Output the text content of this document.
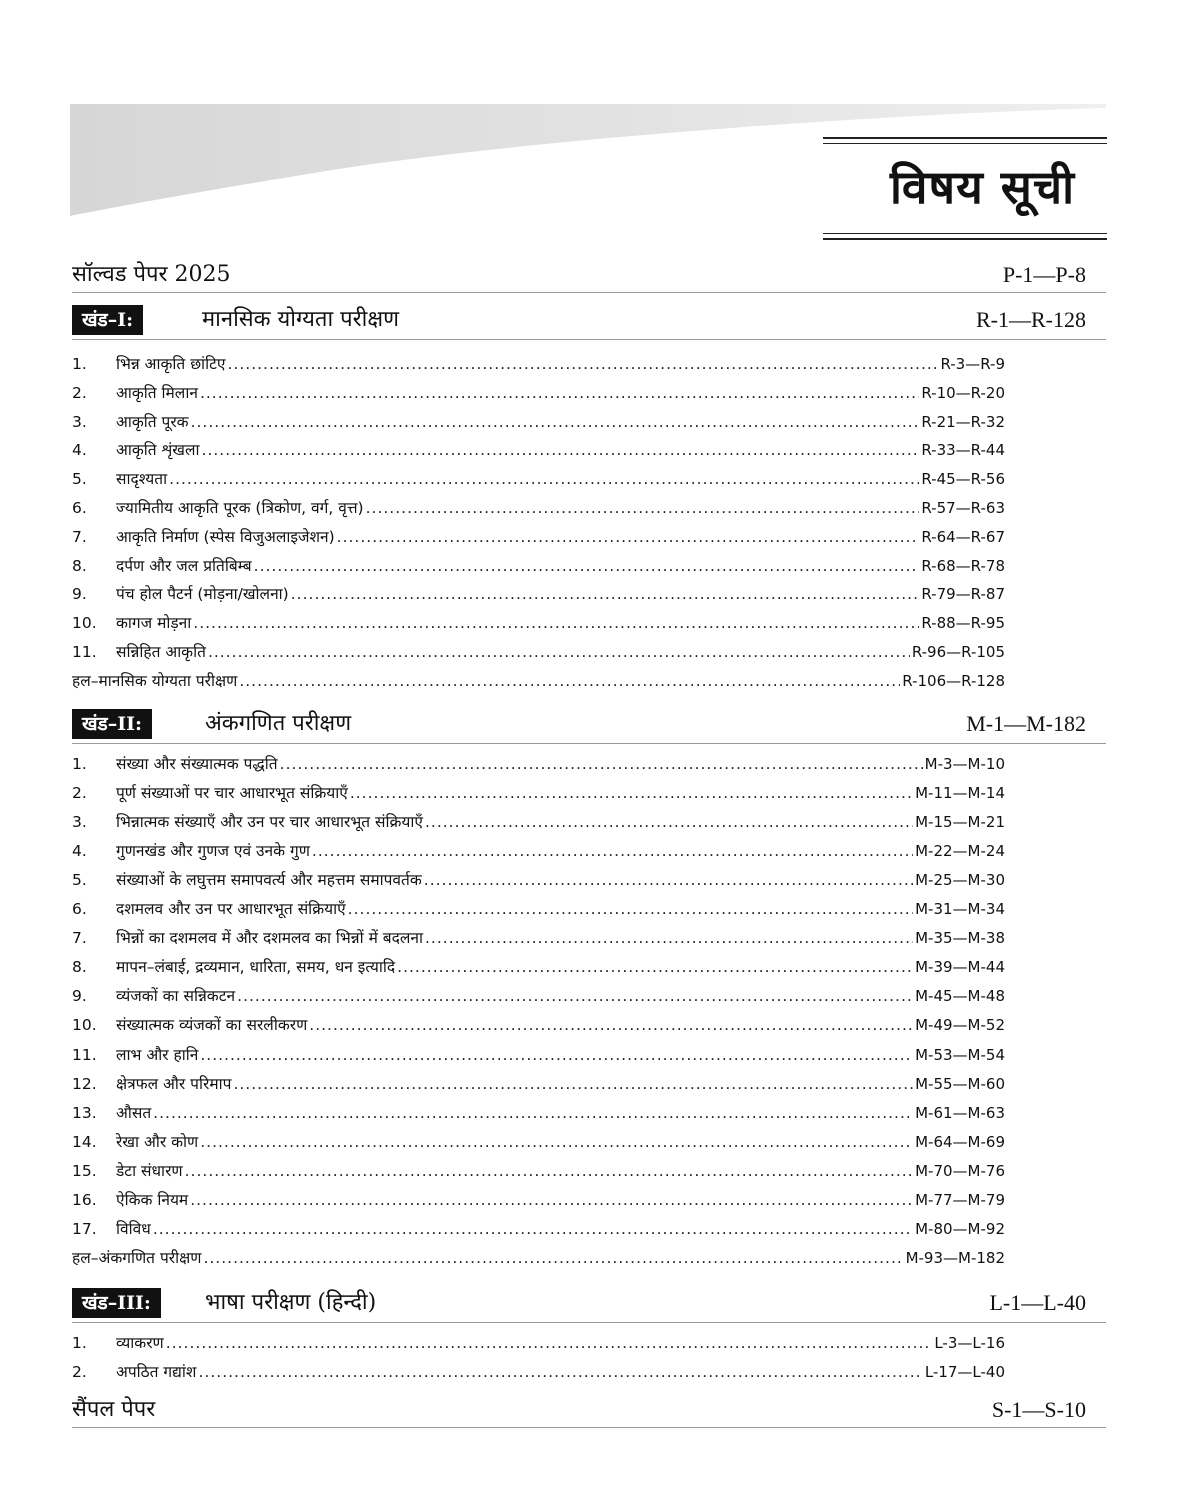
विषय सूची
सॉल्वड पेपर 2025	P-1—P-8
खंड–I:	मानसिक योग्यता परीक्षण	R-1—R-128
1.	भिन्न आकृति छांटिए .....	R-3—R-9
2.	आकृति मिलान .....	R-10—R-20
3.	आकृति पूरक .....	R-21—R-32
4.	आकृति शृंखला .....	R-33—R-44
5.	सादृश्यता .....	R-45—R-56
6.	ज्यामितीय आकृति पूरक (त्रिकोण, वर्ग, वृत्त) .....	R-57—R-63
7.	आकृति निर्माण (स्पेस विजुअलाइजेशन) .....	R-64—R-67
8.	दर्पण और जल प्रतिबिम्ब .....	R-68—R-78
9.	पंच होल पैटर्न (मोड़ना/खोलना) .....	R-79—R-87
10.	कागज मोड़ना .....	R-88—R-95
11.	सन्निहित आकृति .....	R-96—R-105
हल–मानसिक योग्यता परीक्षण .....	R-106—R-128
खंड–II:	अंकगणित परीक्षण	M-1—M-182
1.	संख्या और संख्यात्मक पद्धति .....	M-3—M-10
2.	पूर्ण संख्याओं पर चार आधारभूत संक्रियाएँ .....	M-11—M-14
3.	भिन्नात्मक संख्याएँ और उन पर चार आधारभूत संक्रियाएँ .....	M-15—M-21
4.	गुणनखंड और गुणज एवं उनके गुण .....	M-22—M-24
5.	संख्याओं के लघुत्तम समापवर्त्य और महत्तम समापवर्तक .....	M-25—M-30
6.	दशमलव और उन पर आधारभूत संक्रियाएँ .....	M-31—M-34
7.	भिन्नों का दशमलव में और दशमलव का भिन्नों में बदलना .....	M-35—M-38
8.	मापन–लंबाई, द्रव्यमान, धारिता, समय, धन इत्यादि .....	M-39—M-44
9.	व्यंजकों का सन्निकटन .....	M-45—M-48
10.	संख्यात्मक व्यंजकों का सरलीकरण .....	M-49—M-52
11.	लाभ और हानि .....	M-53—M-54
12.	क्षेत्रफल और परिमाप .....	M-55—M-60
13.	औसत .....	M-61—M-63
14.	रेखा और कोण .....	M-64—M-69
15.	डेटा संधारण .....	M-70—M-76
16.	ऐकिक नियम .....	M-77—M-79
17.	विविध .....	M-80—M-92
हल–अंकगणित परीक्षण .....	M-93—M-182
खंड–III:	भाषा परीक्षण (हिन्दी)	L-1—L-40
1.	व्याकरण .....	L-3—L-16
2.	अपठित गद्यांश .....	L-17—L-40
सैंपल पेपर	S-1—S-10
